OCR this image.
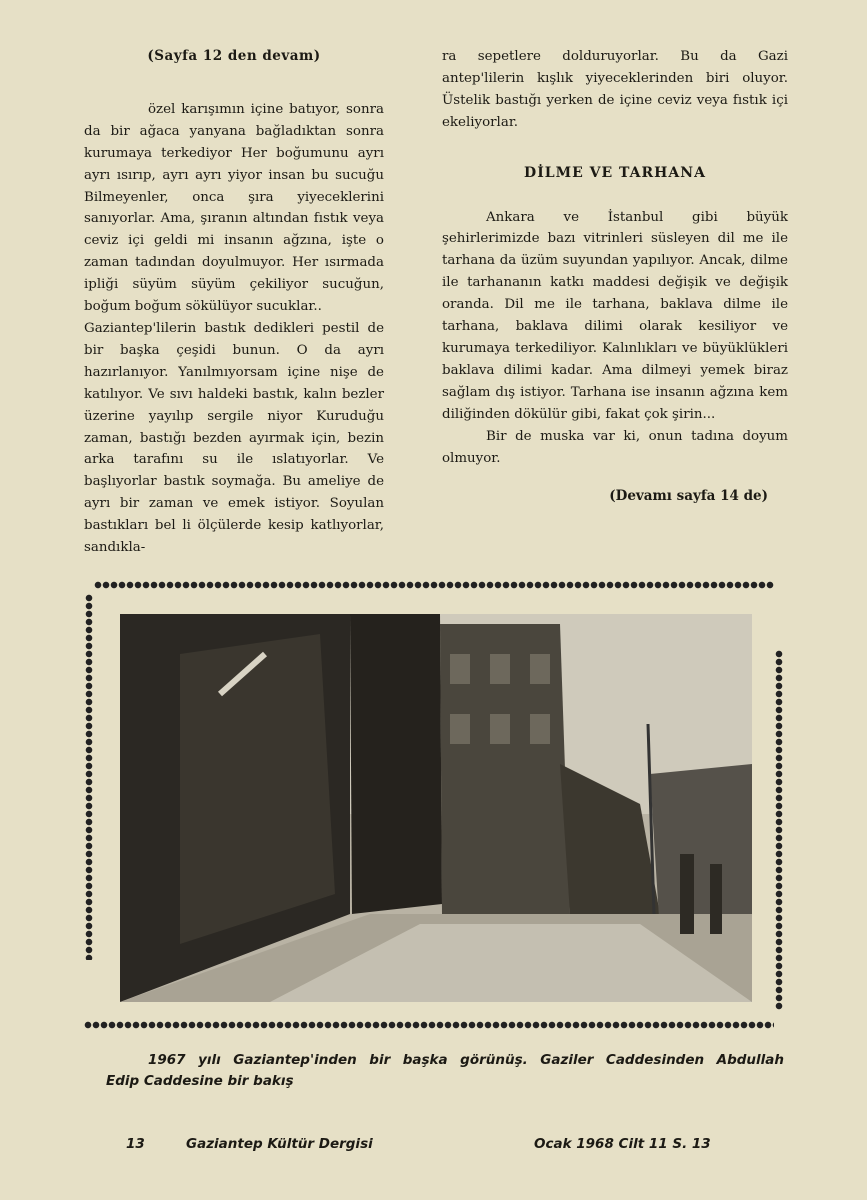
(Sayfa 12 den devam)

özel karışımın içine batıyor, sonra da bir ağaca yanyana bağladıktan sonra kurumaya terkediyor Her boğumunu ayrı ayrı ısırıp, ayrı ayrı yiyor insan bu sucuğu Bilmeyenler, onca şıra yiyeceklerini sanıyorlar. Ama, şıranın altından fıstık veya ceviz içi geldi mi insanın ağzına, işte o zaman tadından doyulmuyor. Her ısırmada ipliği süyüm süyüm çekiliyor sucuğun, boğum boğum sökülüyor sucuklar..

Gaziantep'lilerin bastık dedikleri pestil de bir başka çeşidi bunun. O da ayrı hazırlanıyor. Yanılmıyorsam içine nişe de katılıyor. Ve sıvı haldeki bastık, kalın bezler üzerine yayılıp sergile niyor Kuruduğu zaman, bastığı bezden ayırmak için, bezin arka tarafını su ile ıslatıyorlar. Ve başlıyorlar bastık soymağa. Bu ameliye de ayrı bir zaman ve emek istiyor. Soyulan bastıkları bel li ölçülerde kesip katlıyorlar, sandıkla-

ra sepetlere dolduruyorlar. Bu da Gazi antep'lilerin kışlık yiyeceklerinden biri oluyor. Üstelik bastığı yerken de içine ceviz veya fıstık içi ekeliyorlar.

DİLME VE TARHANA

Ankara ve İstanbul gibi büyük şehirlerimizde bazı vitrinleri süsleyen dil me ile tarhana da üzüm suyundan yapılıyor. Ancak, dilme ile tarhananın katkı maddesi değişik ve değişik oranda. Dil me ile tarhana, baklava dilme ile tarhana, baklava dilimi olarak kesiliyor ve kurumaya terkediliyor. Kalınlıkları ve büyüklükleri baklava dilimi kadar. Ama dilmeyi yemek biraz sağlam dış istiyor. Tarhana ise insanın ağzına kem diliğinden dökülür gibi, fakat çok şirin...

Bir de muska var ki, onun tadına doyum olmuyor.

(Devamı sayfa 14 de)

1967 yılı Gaziantep'inden bir başka görünüş. Gaziler Caddesinden Abdullah
Edip Caddesine bir bakış
13	Gaziantep Kültür Dergisi	Ocak 1968 Cilt 11 S. 13
